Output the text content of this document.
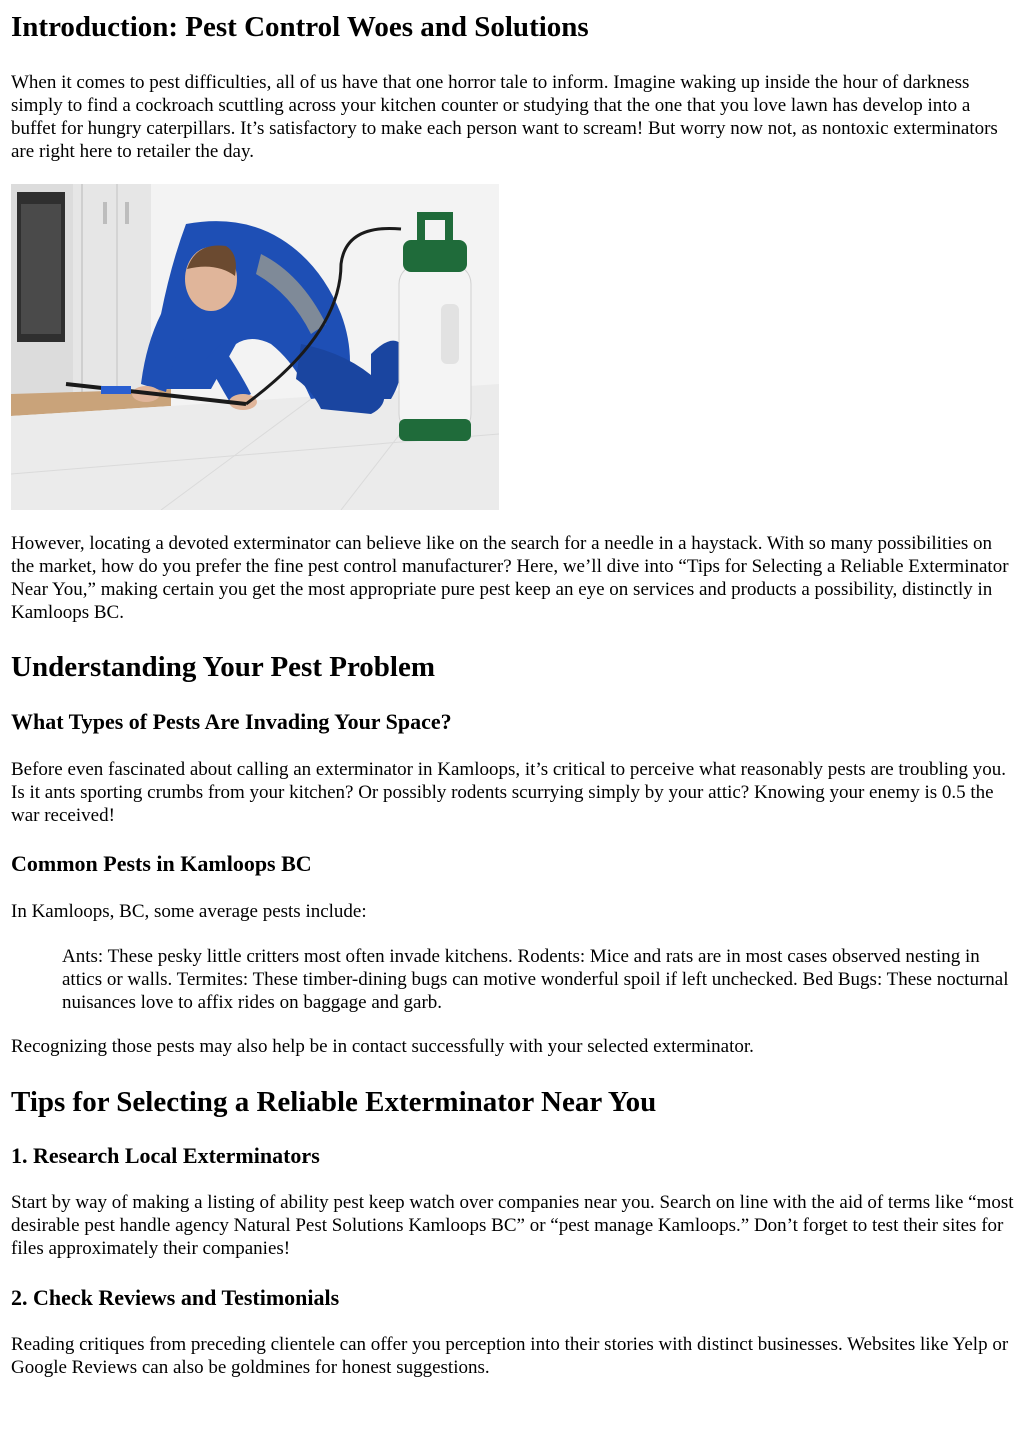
Introduction: Pest Control Woes and Solutions

When it comes to pest difficulties, all of us have that one horror tale to inform. Imagine waking up inside the hour of darkness simply to find a cockroach scuttling across your kitchen counter or studying that the one that you love lawn has develop into a buffet for hungry caterpillars. It’s satisfactory to make each person want to scream! But worry now not, as nontoxic exterminators are right here to retailer the day.

However, locating a devoted exterminator can believe like on the search for a needle in a haystack. With so many possibilities on the market, how do you prefer the fine pest control manufacturer? Here, we’ll dive into “Tips for Selecting a Reliable Exterminator Near You,” making certain you get the most appropriate pure pest keep an eye on services and products a possibility, distinctly in Kamloops BC.

Understanding Your Pest Problem
What Types of Pests Are Invading Your Space?

Before even fascinated about calling an exterminator in Kamloops, it’s critical to perceive what reasonably pests are troubling you. Is it ants sporting crumbs from your kitchen? Or possibly rodents scurrying simply by your attic? Knowing your enemy is 0.5 the war received!

Common Pests in Kamloops BC

In Kamloops, BC, some average pests include:

Ants: These pesky little critters most often invade kitchens. Rodents: Mice and rats are in most cases observed nesting in attics or walls. Termites: These timber-dining bugs can motive wonderful spoil if left unchecked. Bed Bugs: These nocturnal nuisances love to affix rides on baggage and garb.

Recognizing those pests may also help be in contact successfully with your selected exterminator.

Tips for Selecting a Reliable Exterminator Near You
1. Research Local Exterminators

Start by way of making a listing of ability pest keep watch over companies near you. Search on line with the aid of terms like “most desirable pest handle agency Natural Pest Solutions Kamloops BC” or “pest manage Kamloops.” Don’t forget to test their sites for files approximately their companies!

2. Check Reviews and Testimonials

Reading critiques from preceding clientele can offer you perception into their stories with distinct businesses. Websites like Yelp or Google Reviews can also be goldmines for honest suggestions.
